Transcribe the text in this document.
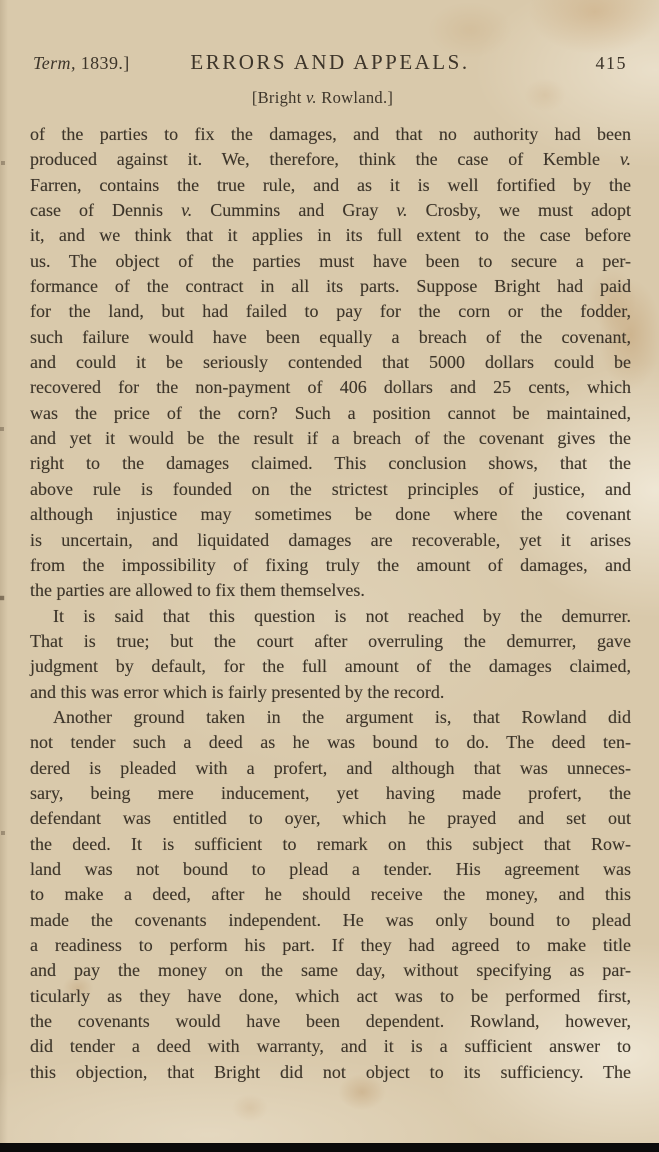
Term, 1839.]	ERRORS AND APPEALS.	415
[Bright v. Rowland.]
of the parties to fix the damages, and that no authority had been
produced against it. We, therefore, think the case of Kemble v.
Farren, contains the true rule, and as it is well fortified by the
case of Dennis v. Cummins and Gray v. Crosby, we must adopt
it, and we think that it applies in its full extent to the case before
us. The object of the parties must have been to secure a per-
formance of the contract in all its parts. Suppose Bright had paid
for the land, but had failed to pay for the corn or the fodder,
such failure would have been equally a breach of the covenant,
and could it be seriously contended that 5000 dollars could be
recovered for the non-payment of 406 dollars and 25 cents, which
was the price of the corn? Such a position cannot be maintained,
and yet it would be the result if a breach of the covenant gives the
right to the damages claimed. This conclusion shows, that the
above rule is founded on the strictest principles of justice, and
although injustice may sometimes be done where the covenant
is uncertain, and liquidated damages are recoverable, yet it arises
from the impossibility of fixing truly the amount of damages, and
the parties are allowed to fix them themselves.
It is said that this question is not reached by the demurrer.
That is true; but the court after overruling the demurrer, gave
judgment by default, for the full amount of the damages claimed,
and this was error which is fairly presented by the record.
Another ground taken in the argument is, that Rowland did
not tender such a deed as he was bound to do. The deed ten-
dered is pleaded with a profert, and although that was unneces-
sary, being mere inducement, yet having made profert, the
defendant was entitled to oyer, which he prayed and set out
the deed. It is sufficient to remark on this subject that Row-
land was not bound to plead a tender. His agreement was
to make a deed, after he should receive the money, and this
made the covenants independent. He was only bound to plead
a readiness to perform his part. If they had agreed to make title
and pay the money on the same day, without specifying as par-
ticularly as they have done, which act was to be performed first,
the covenants would have been dependent. Rowland, however,
did tender a deed with warranty, and it is a sufficient answer to
this objection, that Bright did not object to its sufficiency. The
